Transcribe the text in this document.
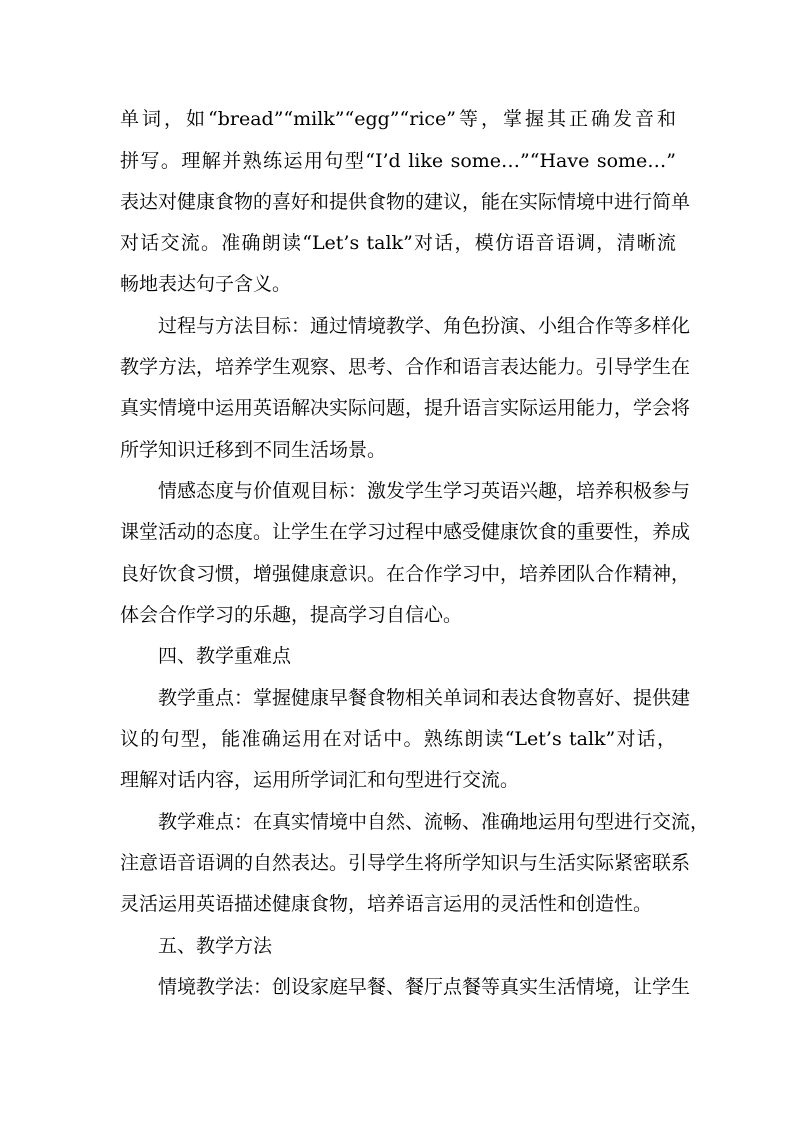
单词，如“bread”“milk”“egg”“rice”等，掌握其正确发音和
拼写。理解并熟练运用句型“I’d like some…”“Have some…”
表达对健康食物的喜好和提供食物的建议，能在实际情境中进行简单
对话交流。准确朗读“Let’s talk”对话，模仿语音语调，清晰流
畅地表达句子含义。
过程与方法目标：通过情境教学、角色扮演、小组合作等多样化
教学方法，培养学生观察、思考、合作和语言表达能力。引导学生在
真实情境中运用英语解决实际问题，提升语言实际运用能力，学会将
所学知识迁移到不同生活场景。
情感态度与价值观目标：激发学生学习英语兴趣，培养积极参与
课堂活动的态度。让学生在学习过程中感受健康饮食的重要性，养成
良好饮食习惯，增强健康意识。在合作学习中，培养团队合作精神，
体会合作学习的乐趣，提高学习自信心。
四、教学重难点
教学重点：掌握健康早餐食物相关单词和表达食物喜好、提供建
议的句型，能准确运用在对话中。熟练朗读“Let’s talk”对话，
理解对话内容，运用所学词汇和句型进行交流。
教学难点：在真实情境中自然、流畅、准确地运用句型进行交流，
注意语音语调的自然表达。引导学生将所学知识与生活实际紧密联系
灵活运用英语描述健康食物，培养语言运用的灵活性和创造性。
五、教学方法
情境教学法：创设家庭早餐、餐厅点餐等真实生活情境，让学生
